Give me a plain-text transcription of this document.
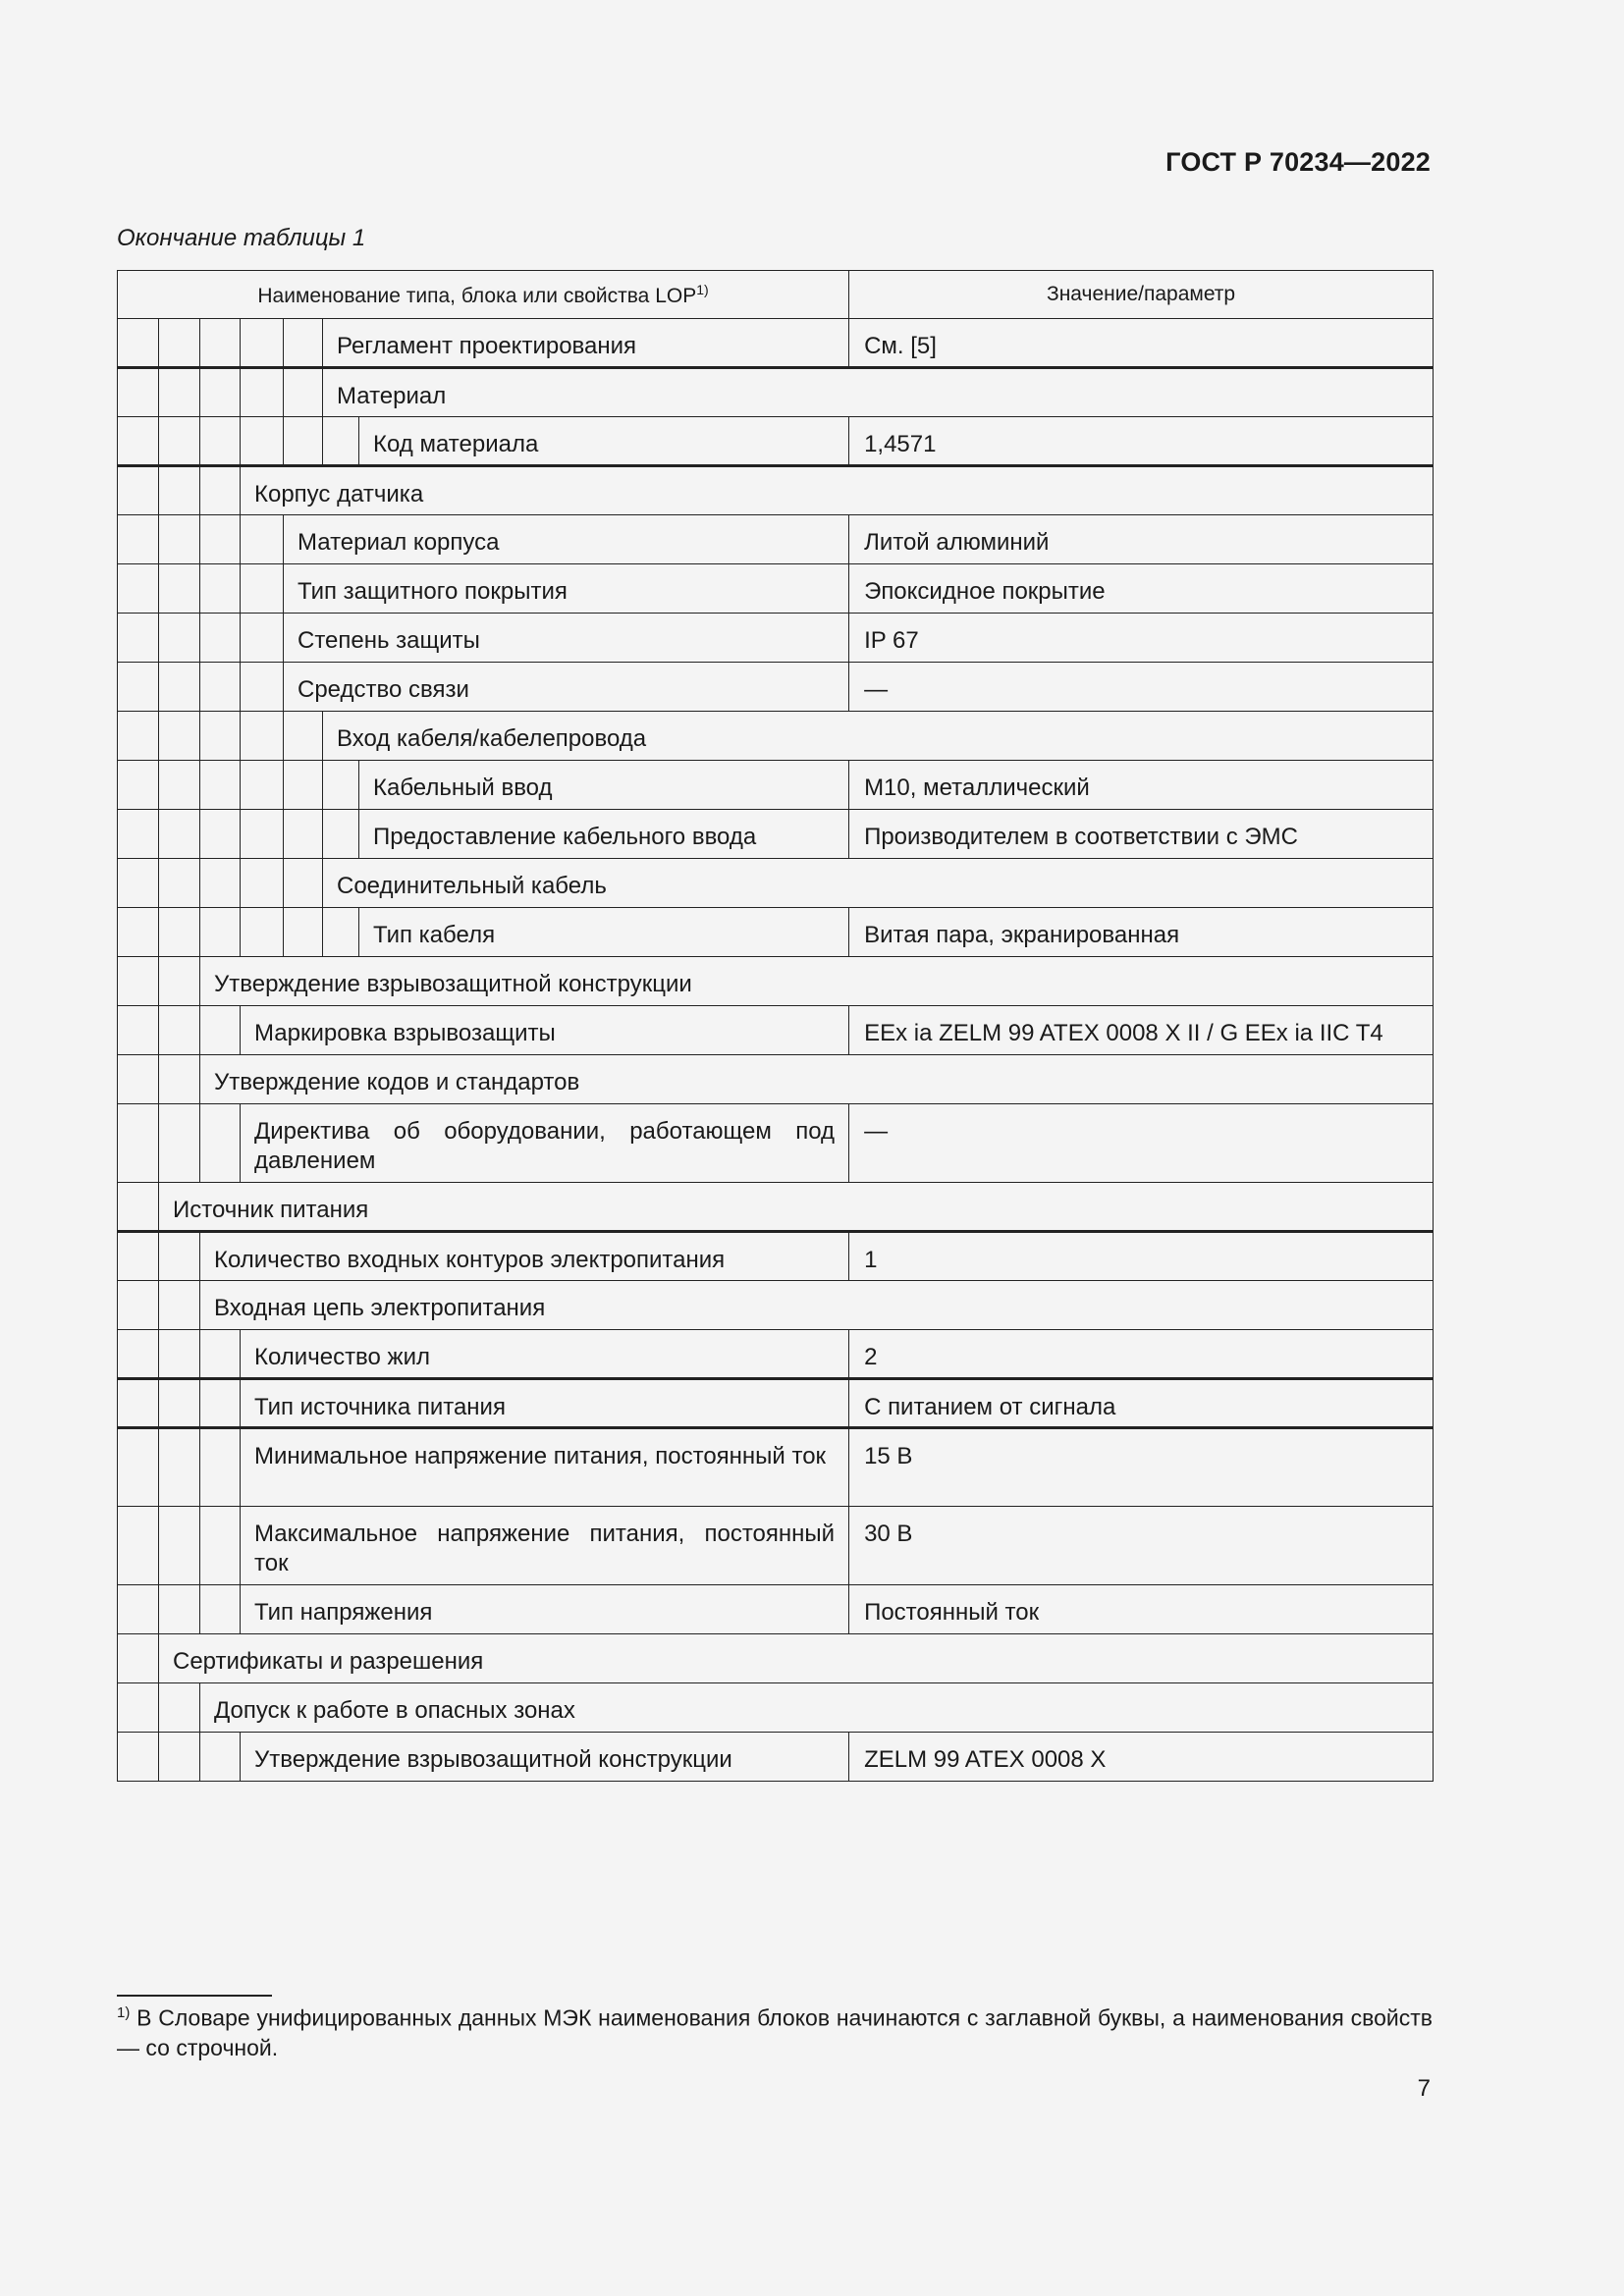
ГОСТ Р 70234—2022
Окончание таблицы 1
Наименование типа, блока или свойства LOP$^{1)}$							Значение/параметр
					Регламент проектирования		См. [5]
					Материал		
						Код материала	1,4571
			Корпус датчика				
				Материал корпуса			Литой алюминий
				Тип защитного покрытия			Эпоксидное покрытие
				Степень защиты			IP 67
				Средство связи			—
					Вход кабеля/кабелепровода		
						Кабельный ввод	М10, металлический
						Предоставление кабельного ввода	Производителем в соответствии с ЭМС
					Соединительный кабель		
						Тип кабеля	Витая пара, экранированная
		Утверждение взрывозащитной конструкции					
			Маркировка взрывозащиты				EEx ia ZELM 99 ATEX 0008 X II / G EEx ia IIC T4
		Утверждение кодов и стандартов					
			Директива об оборудовании, работающем под давлением				—
	Источник питания						
		Количество входных контуров электропитания					1
		Входная цепь электропитания					
			Количество жил				2
			Тип источника питания				С питанием от сигнала
			Минимальное напряжение питания, постоянный ток				15 В
			Максимальное напряжение питания, постоянный ток				30 В
			Тип напряжения				Постоянный ток
	Сертификаты и разрешения						
		Допуск к работе в опасных зонах					
			Утверждение взрывозащитной конструкции				ZELM 99 ATEX 0008 X
$^{1)}$ В Словаре унифицированных данных МЭК наименования блоков начинаются с заглавной буквы, а наименования свойств — со строчной.
7
